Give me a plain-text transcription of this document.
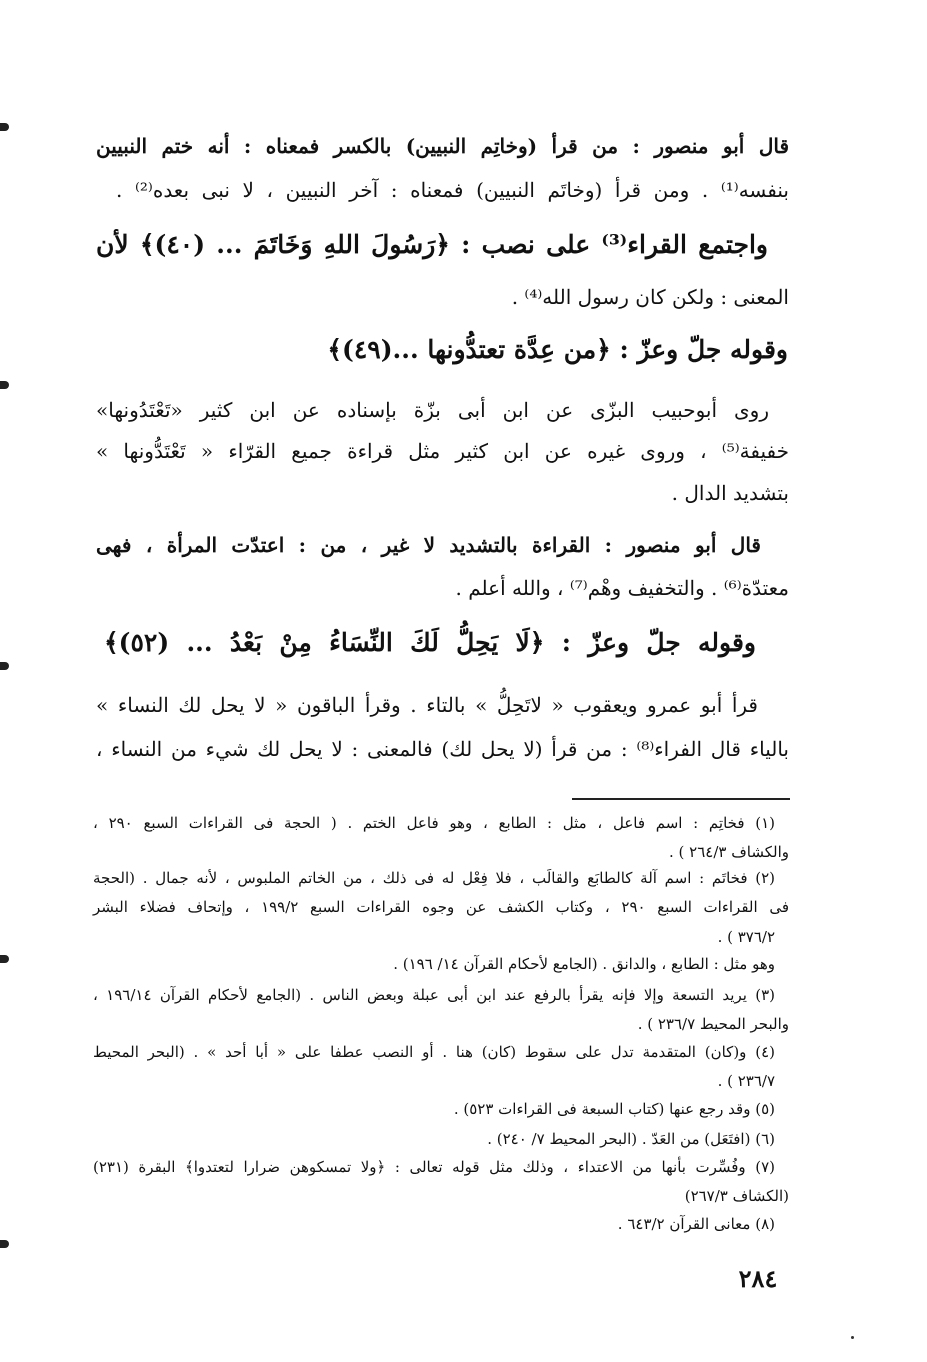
قال أبو منصور : من قرأ (وخاتِم النبيين) بالكسر فمعناه : أنه ختم النبيين
بنفسه⁽¹⁾ . ومن قرأ (وخاتَم النبيين) فمعناه : آخر النبيين ، لا نبى بعده⁽²⁾ .
واجتمع القراء⁽³⁾ على نصب : ﴿رَسُولَ اللهِ وَخَاتَمَ ... (٤٠)﴾ لأن
المعنى : ولكن كان رسول الله⁽⁴⁾ .
وقوله جلّ وعزّ : ﴿من عِدَّة تعتدُّونها ...(٤٩)﴾
روى أبوحبيب البزّى عن ابن أبى بزّة بإسناده عن ابن كثير «تَعْتَدُونها»
خفيفة⁽⁵⁾ ، وروى غيره عن ابن كثير مثل قراءة جميع القرّاء « تَعْتَدُّونها »
بتشديد الدال .
قال أبو منصور : القراءة بالتشديد لا غير ، من : اعتدّت المرأة ، فهى
معتدّة⁽⁶⁾ . والتخفيف وهْم⁽⁷⁾ ، والله أعلم .
وقوله جلّ وعزّ : ﴿لَا يَحِلُّ لَكَ النِّسَاءُ مِنْ بَعْدُ ... (٥٢)﴾
قرأ أبو عمرو ويعقوب « لاتَحِلُّ » بالتاء . وقرأ الباقون « لا يحل لك النساء »
بالياء قال الفراء⁽⁸⁾ : من قرأ (لا يحل لك) فالمعنى : لا يحل لك شيء من النساء ،
(١) فخاتِم : اسم فاعل ، مثل : الطابع ، وهو فاعل الختم . ( الحجة فى القراءات السبع ٢٩٠ ،
والكشاف ٢٦٤/٣ ) .
(٢) فخاتَم : اسم آلة كالطابَع والقالَب ، فلا فِعْل له فى ذلك ، من الخاتم الملبوس ، لأنه جمال . (الحجة
فى القراءات السبع ٢٩٠ ، وكتاب الكشف عن وجوه القراءات السبع ١٩٩/٢ ، وإتحاف فضلاء البشر
٣٧٦/٢ ) .
وهو مثل : الطابع ، والدانق . (الجامع لأحكام القرآن ١٤/ ١٩٦) .
(٣) يريد التسعة وإلا فإنه يقرأ بالرفع عند ابن أبى عبلة وبعض الناس . (الجامع لأحكام القرآن ١٩٦/١٤ ،
والبحر المحيط ٢٣٦/٧ ) .
(٤) و(كان) المتقدمة تدل على سقوط (كان) هنا . أو النصب عطفا على « أبا أحد » . (البحر المحيط
٢٣٦/٧ ) .
(٥) وقد رجع عنها (كتاب السبعة فى القراءات ٥٢٣) .
(٦) (افتَعَل) من العَدّ . (البحر المحيط ٧/ ٢٤٠) .
(٧) وفُسِّرت بأنها من الاعتداء ، وذلك مثل قوله تعالى : ﴿ولا تمسكوهن ضرارا لتعتدوا﴾ البقرة (٢٣١)
(الكشاف ٢٦٧/٣)
(٨) معانى القرآن ٦٤٣/٢ .
٢٨٤
